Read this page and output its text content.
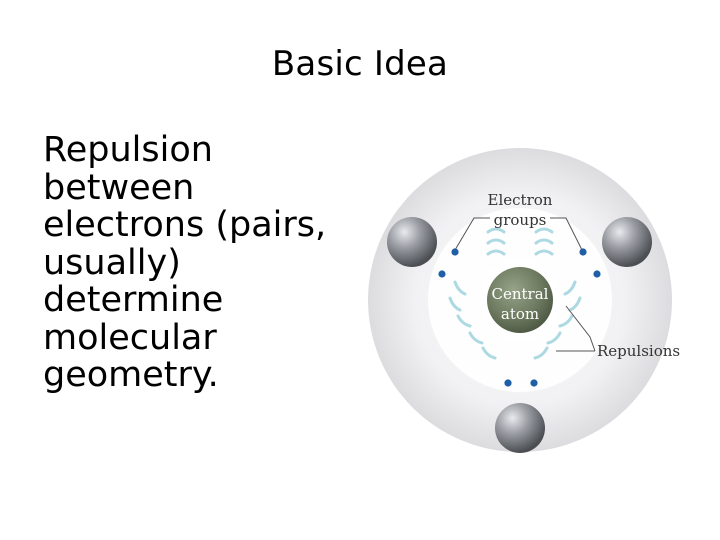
Basic Idea
Repulsion
between
electrons (pairs,
usually)
determine
molecular
geometry.
Central
atom
Electron
groups
Repulsions
